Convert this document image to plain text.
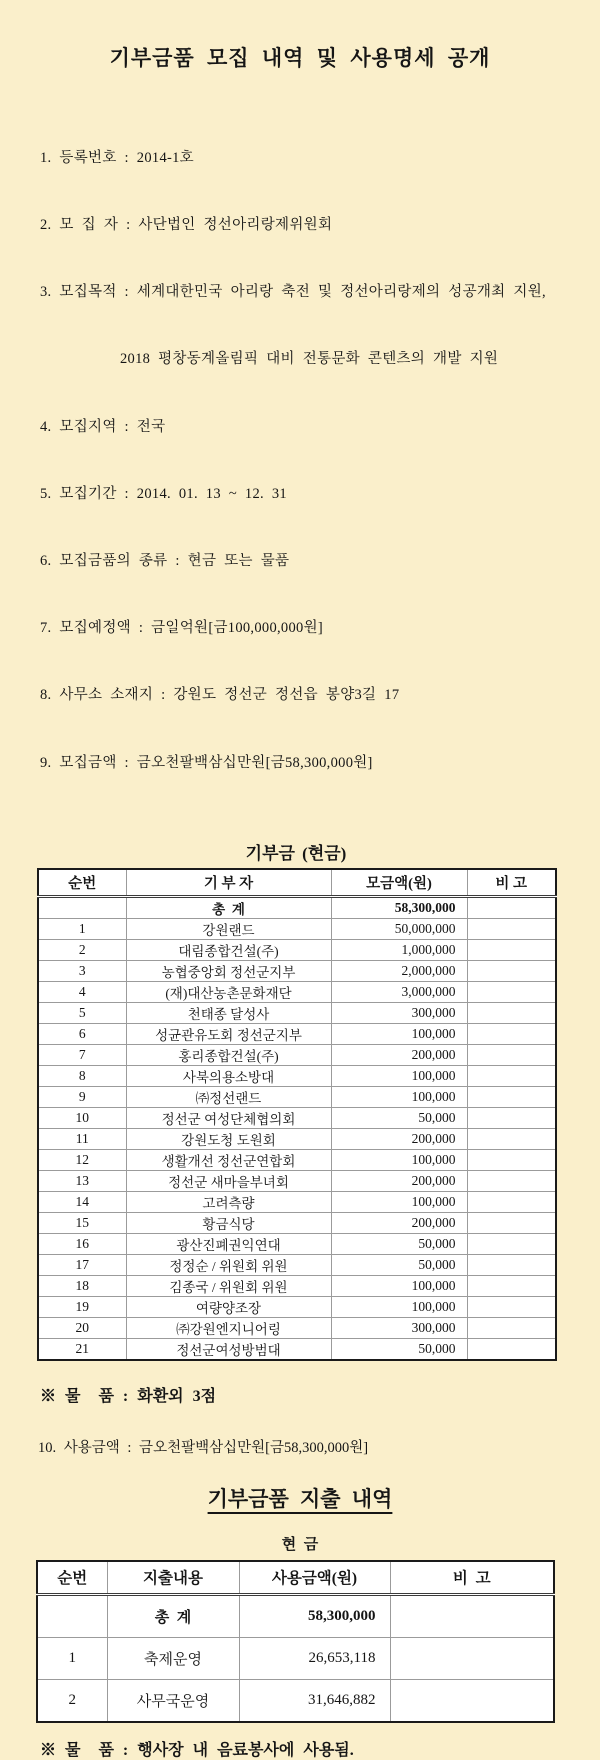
기부금품 모집 내역 및 사용명세 공개

1. 등록번호 : 2014-1호

2. 모 집 자 : 사단법인 정선아리랑제위원회

3. 모집목적 : 세계대한민국 아리랑 축전 및 정선아리랑제의 성공개최 지원,

2018 평창동계올림픽 대비 전통문화 콘텐츠의 개발 지원

4. 모집지역 : 전국

5. 모집기간 : 2014. 01. 13 ~ 12. 31

6. 모집금품의 종류 : 현금 또는 물품

7. 모집예정액 : 금일억원[금100,000,000원]

8. 사무소 소재지 : 강원도 정선군 정선읍 봉양3길 17

9. 모집금액 : 금오천팔백삼십만원[금58,300,000원]

기부금 (현금)
순번	기 부 자	모금액(원)	비 고
	총  계	58,300,000	
1	강원랜드	50,000,000	
2	대림종합건설(주)	1,000,000	
3	농협중앙회 정선군지부	2,000,000	
4	(재)대산농촌문화재단	3,000,000	
5	천태종 달성사	300,000	
6	성균관유도회 정선군지부	100,000	
7	홍리종합건설(주)	200,000	
8	사북의용소방대	100,000	
9	㈜정선랜드	100,000	
10	정선군 여성단체협의회	50,000	
11	강원도청 도원회	200,000	
12	생활개선 정선군연합회	100,000	
13	정선군 새마을부녀회	200,000	
14	고려측량	100,000	
15	황금식당	200,000	
16	광산진폐권익연대	50,000	
17	정정순 / 위원회 위원	50,000	
18	김종국 / 위원회 위원	100,000	
19	여량양조장	100,000	
20	㈜강원엔지니어링	300,000	
21	정선군여성방범대	50,000	
※ 물  품 : 화환외 3점
10. 사용금액 : 금오천팔백삼십만원[금58,300,000원]
기부금품 지출 내역
현  금
순번	지출내용	사용금액(원)	비  고
	총  계	58,300,000	
1	축제운영	26,653,118	
2	사무국운영	31,646,882	
※ 물  품 : 행사장 내 음료봉사에 사용됨.
